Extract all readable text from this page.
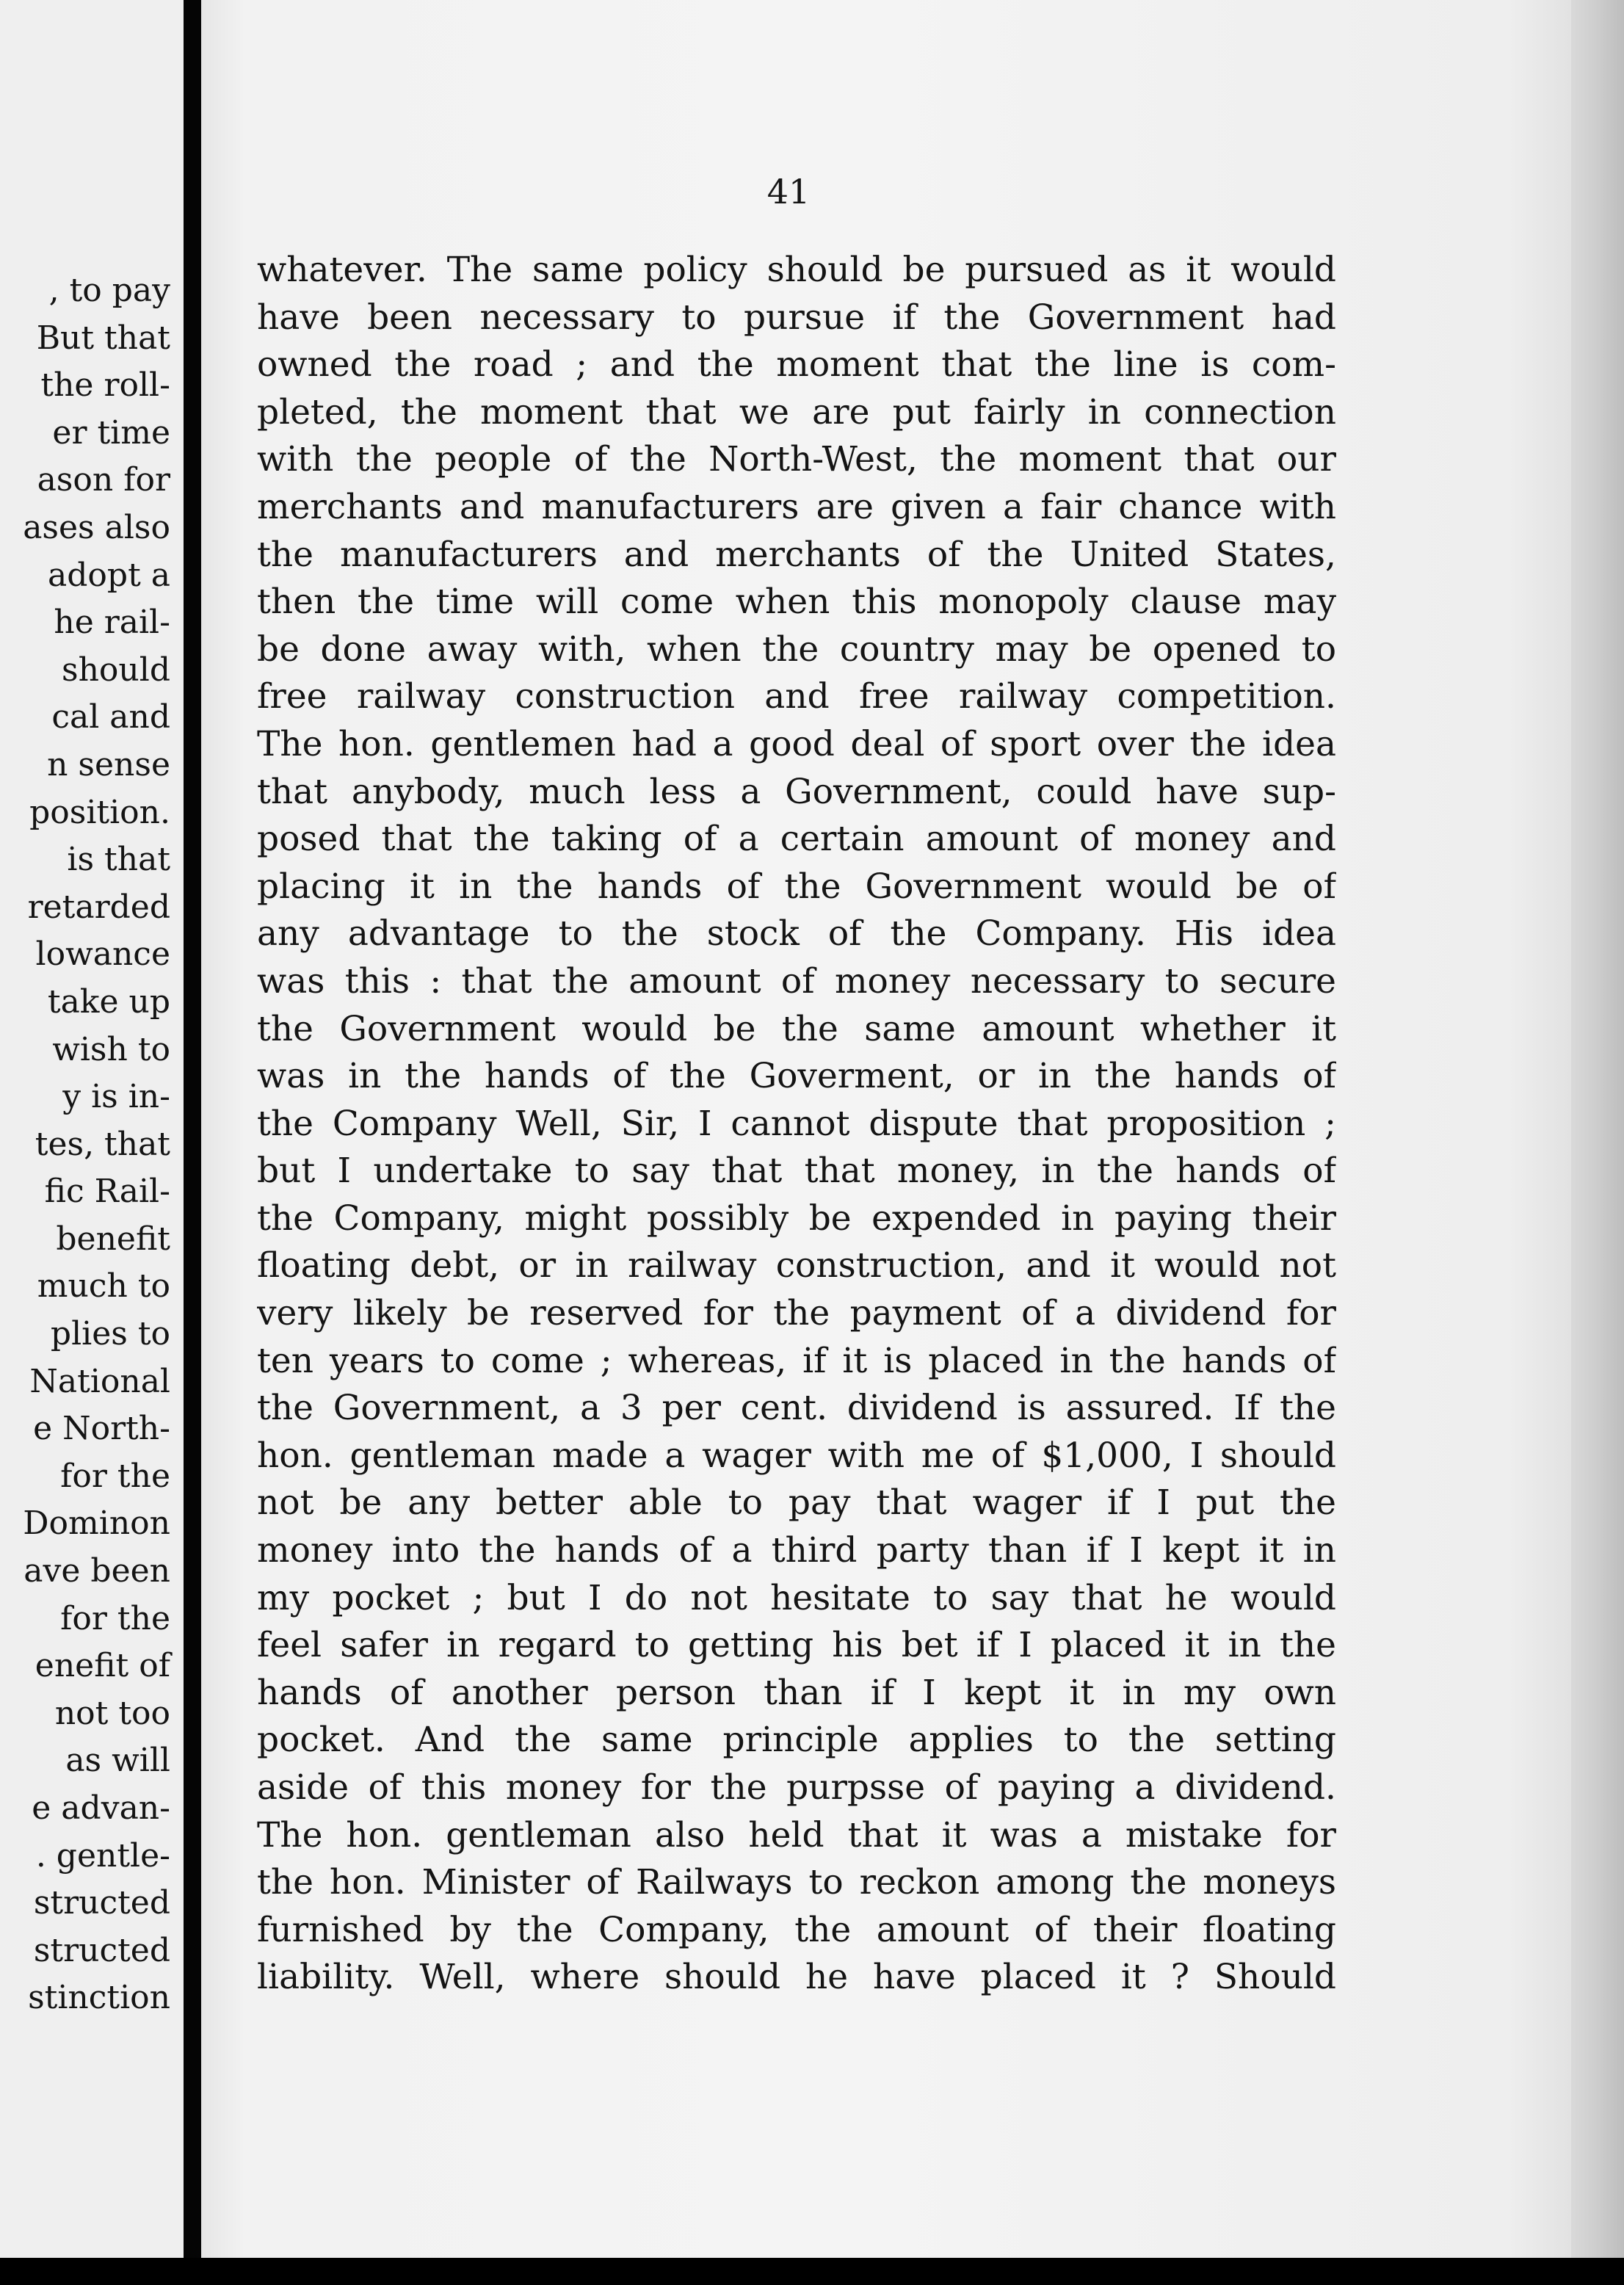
, to pay
But that
the roll-
er time
ason for
ases also
adopt a
he rail-
should
cal and
n sense
position.
is that
retarded
lowance
take up
wish to
y is in-
tes, that
fic Rail-
benefit
much to
plies to
National
e North-
for the
Dominon
ave been
for the
enefit of
not too
as will
e advan-
. gentle-
structed
structed
stinction
41
whatever. The same policy should be pursued as it would
have been necessary to pursue if the Government had
owned the road ; and the moment that the line is com-
pleted, the moment that we are put fairly in connection
with the people of the North-West, the moment that our
merchants and manufacturers are given a fair chance with
the manufacturers and merchants of the United States,
then the time will come when this monopoly clause may
be done away with, when the country may be opened to
free railway construction and free railway competition.
The hon. gentlemen had a good deal of sport over the idea
that anybody, much less a Government, could have sup-
posed that the taking of a certain amount of money and
placing it in the hands of the Government would be of
any advantage to the stock of the Company. His idea
was this : that the amount of money necessary to secure
the Government would be the same amount whether it
was in the hands of the Goverment, or in the hands of
the Company Well, Sir, I cannot dispute that proposition ;
but I undertake to say that that money, in the hands of
the Company, might possibly be expended in paying their
floating debt, or in railway construction, and it would not
very likely be reserved for the payment of a dividend for
ten years to come ; whereas, if it is placed in the hands of
the Government, a 3 per cent. dividend is assured. If the
hon. gentleman made a wager with me of $1,000, I should
not be any better able to pay that wager if I put the
money into the hands of a third party than if I kept it in
my pocket ; but I do not hesitate to say that he would
feel safer in regard to getting his bet if I placed it in the
hands of another person than if I kept it in my own
pocket. And the same principle applies to the setting
aside of this money for the purpsse of paying a dividend.
The hon. gentleman also held that it was a mistake for
the hon. Minister of Railways to reckon among the moneys
furnished by the Company, the amount of their floating
liability. Well, where should he have placed it ? Should
